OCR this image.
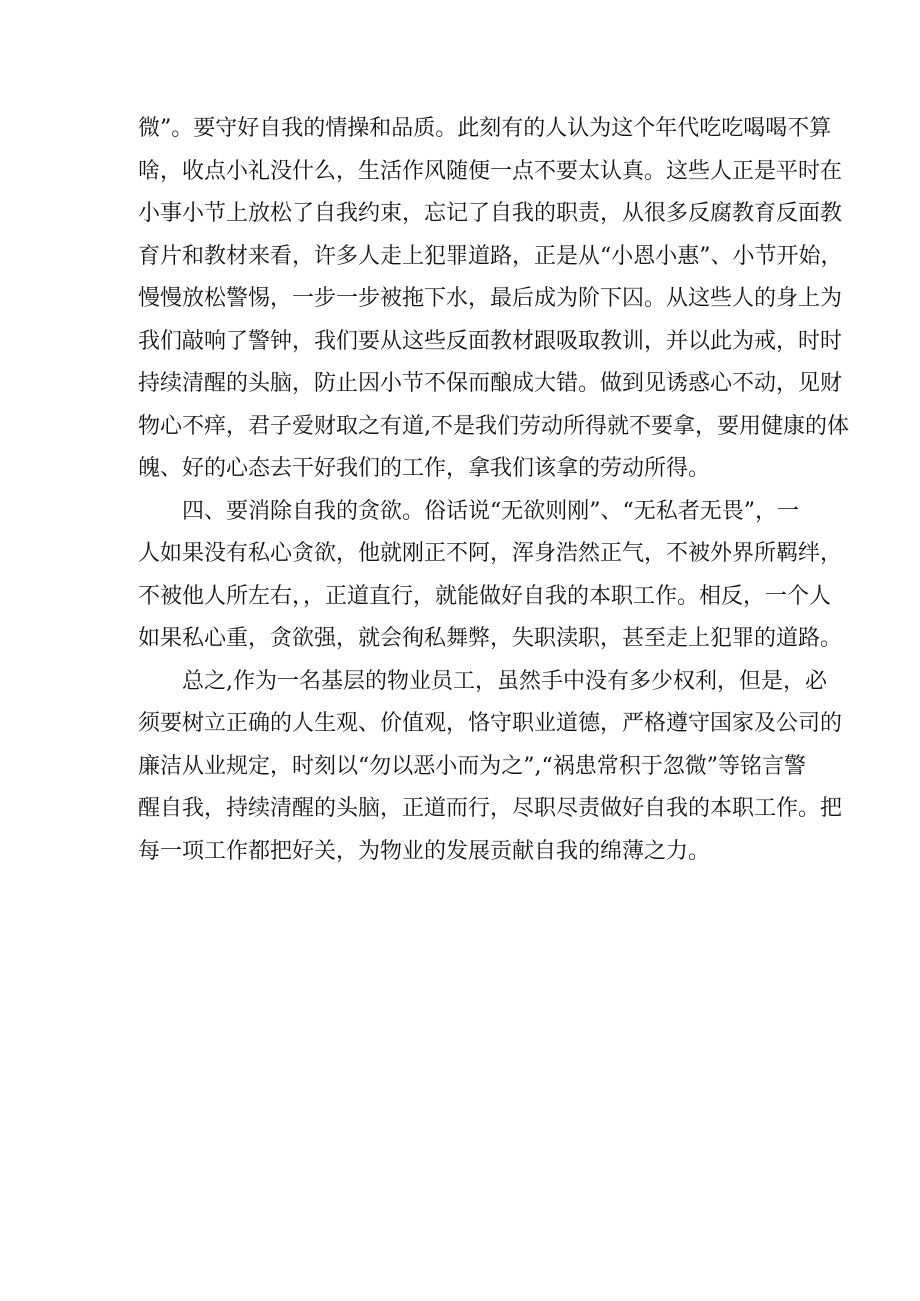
微”。要守好自我的情操和品质。此刻有的人认为这个年代吃吃喝喝不算
啥，收点小礼没什么，生活作风随便一点不要太认真。这些人正是平时在
小事小节上放松了自我约束，忘记了自我的职责，从很多反腐教育反面教
育片和教材来看，许多人走上犯罪道路，正是从“小恩小惠”、小节开始，
慢慢放松警惕，一步一步被拖下水，最后成为阶下囚。从这些人的身上为
我们敲响了警钟，我们要从这些反面教材跟吸取教训，并以此为戒，时时
持续清醒的头脑，防止因小节不保而酿成大错。做到见诱惑心不动，见财
物心不痒，君子爱财取之有道,不是我们劳动所得就不要拿，要用健康的体
魄、好的心态去干好我们的工作，拿我们该拿的劳动所得。
四、要消除自我的贪欲。俗话说“无欲则刚”、“无私者无畏”，一
人如果没有私心贪欲，他就刚正不阿，浑身浩然正气，不被外界所羁绊，
不被他人所左右，，正道直行，就能做好自我的本职工作。相反，一个人
如果私心重，贪欲强，就会徇私舞弊，失职渎职，甚至走上犯罪的道路。
总之,作为一名基层的物业员工，虽然手中没有多少权利，但是，必
须要树立正确的人生观、价值观，恪守职业道德，严格遵守国家及公司的
廉洁从业规定，时刻以“勿以恶小而为之”,“祸患常积于忽微”等铭言警
醒自我，持续清醒的头脑，正道而行，尽职尽责做好自我的本职工作。把
每一项工作都把好关，为物业的发展贡献自我的绵薄之力。
